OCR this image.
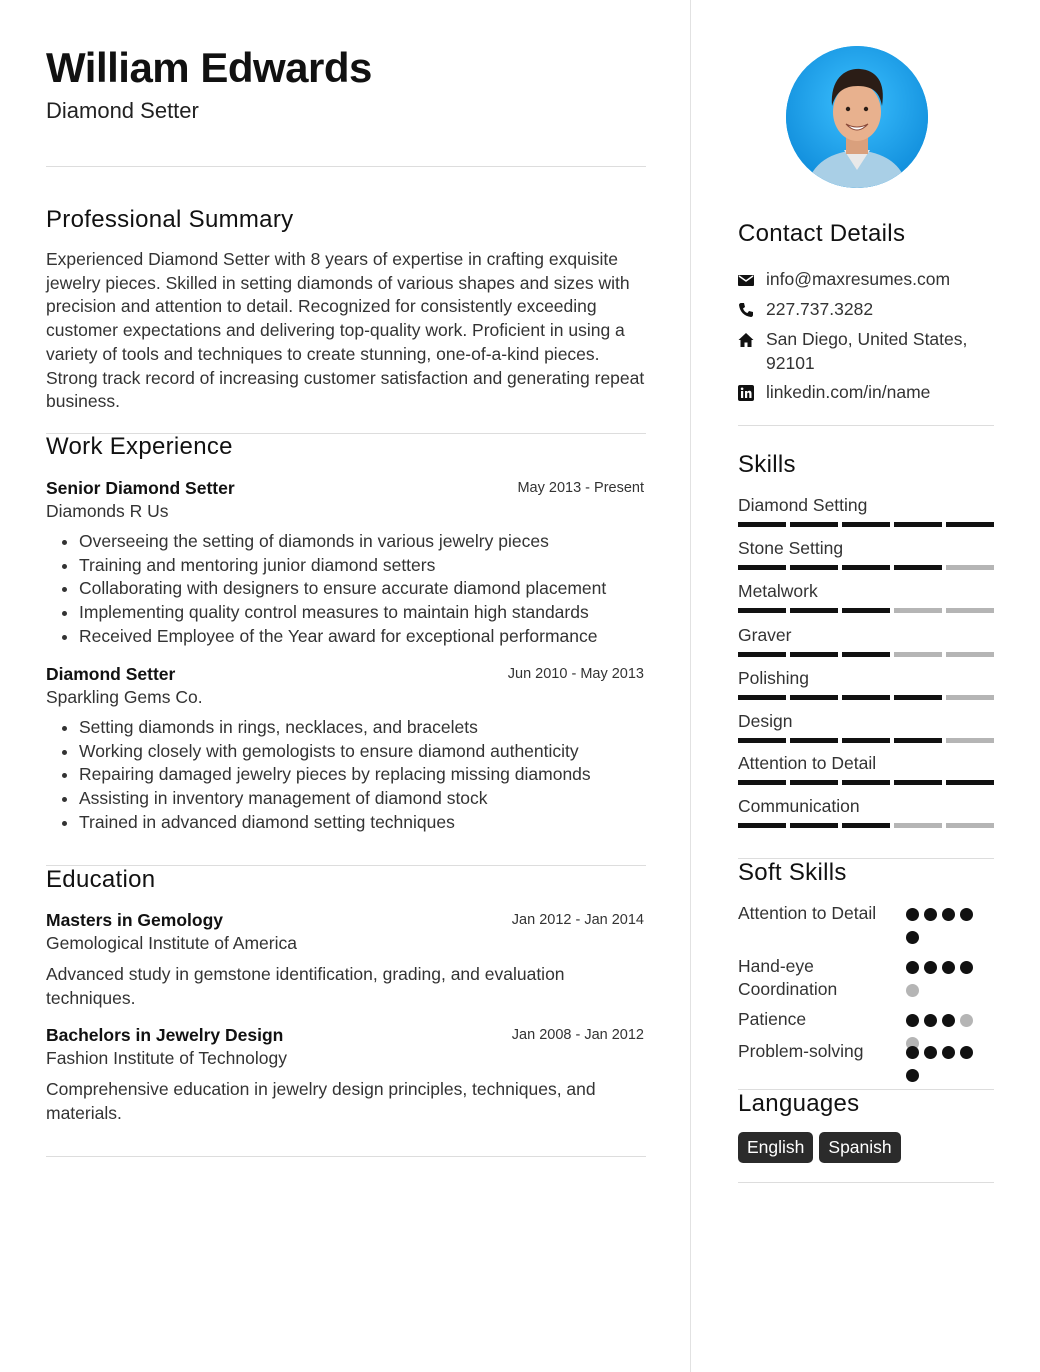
William Edwards
Diamond Setter
Professional Summary
Experienced Diamond Setter with 8 years of expertise in crafting exquisite jewelry pieces. Skilled in setting diamonds of various shapes and sizes with precision and attention to detail. Recognized for consistently exceeding customer expectations and delivering top-quality work. Proficient in using a variety of tools and techniques to create stunning, one-of-a-kind pieces. Strong track record of increasing customer satisfaction and generating repeat business.
Work Experience
Senior Diamond Setter	May 2013 - Present
Diamonds R Us
• Overseeing the setting of diamonds in various jewelry pieces
• Training and mentoring junior diamond setters
• Collaborating with designers to ensure accurate diamond placement
• Implementing quality control measures to maintain high standards
• Received Employee of the Year award for exceptional performance
Diamond Setter	Jun 2010 - May 2013
Sparkling Gems Co.
• Setting diamonds in rings, necklaces, and bracelets
• Working closely with gemologists to ensure diamond authenticity
• Repairing damaged jewelry pieces by replacing missing diamonds
• Assisting in inventory management of diamond stock
• Trained in advanced diamond setting techniques
Education
Masters in Gemology	Jan 2012 - Jan 2014
Gemological Institute of America
Advanced study in gemstone identification, grading, and evaluation techniques.
Bachelors in Jewelry Design	Jan 2008 - Jan 2012
Fashion Institute of Technology
Comprehensive education in jewelry design principles, techniques, and materials.
Contact Details
info@maxresumes.com
227.737.3282
San Diego, United States, 92101
linkedin.com/in/name
Skills
Diamond Setting
Stone Setting
Metalwork
Graver
Polishing
Design
Attention to Detail
Communication
Soft Skills
Attention to Detail
Hand-eye Coordination
Patience
Problem-solving
Languages
English	Spanish
